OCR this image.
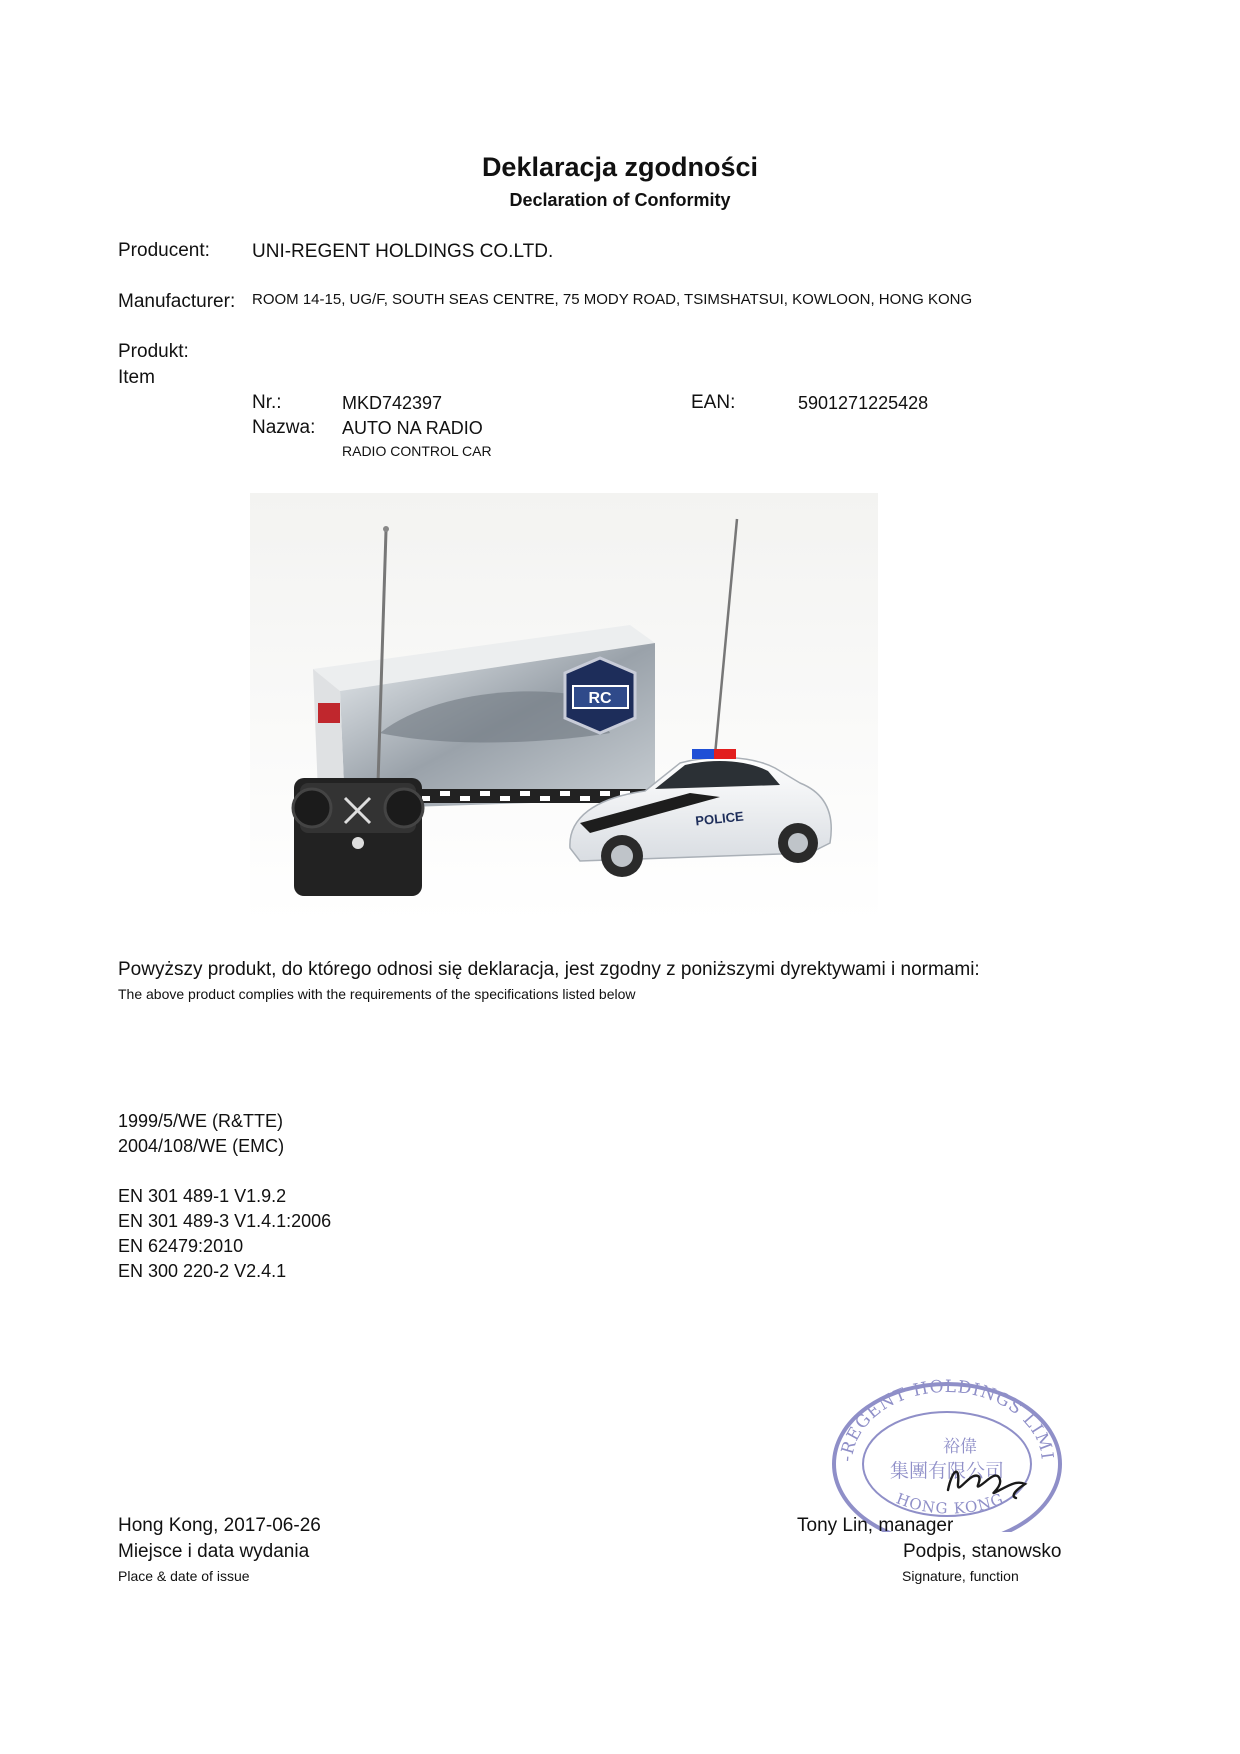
Deklaracja zgodności
Declaration of Conformity
Producent: UNI-REGENT HOLDINGS CO.LTD.
Manufacturer: ROOM 14-15, UG/F, SOUTH SEAS CENTRE, 75 MODY ROAD, TSIMSHATSUI, KOWLOON, HONG KONG
Produkt:
Item
Nr.:	MKD742397	EAN:	5901271225428
Nazwa: AUTO NA RADIO
RADIO CONTROL CAR
RC
POLICE
Powyższy produkt, do którego odnosi się deklaracja, jest zgodny z poniższymi dyrektywami i normami:
The above product complies with the requirements of the specifications listed below
1999/5/WE (R&TTE)
2004/108/WE (EMC)
EN 301 489-1 V1.9.2
EN 301 489-3 V1.4.1:2006
EN 62479:2010
EN 300 220-2 V2.4.1
-REGENT HOLDINGS LIMI
HONG KONG
裕偉
集團有限公司
Hong Kong, 2017-06-26
Miejsce i data wydania
Place & date of issue
Tony Lin, manager
Podpis, stanowsko
Signature, function
